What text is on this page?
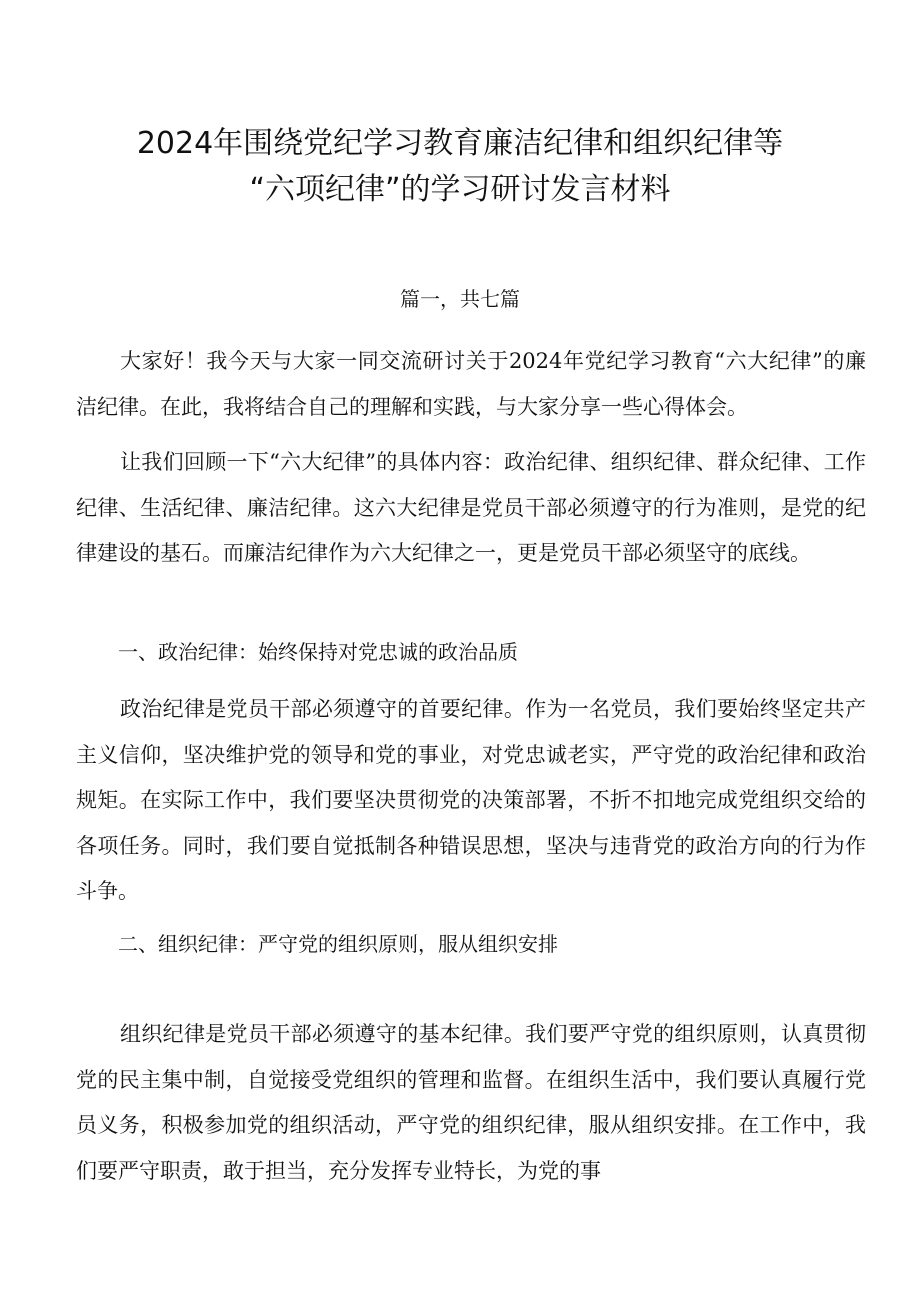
2024年围绕党纪学习教育廉洁纪律和组织纪律等
“六项纪律”的学习研讨发言材料
篇一，共七篇

大家好！我今天与大家一同交流研讨关于2024年党纪学习教育“六大纪律”的廉洁纪律。在此，我将结合自己的理解和实践，与大家分享一些心得体会。

让我们回顾一下“六大纪律”的具体内容：政治纪律、组织纪律、群众纪律、工作纪律、生活纪律、廉洁纪律。这六大纪律是党员干部必须遵守的行为准则，是党的纪律建设的基石。而廉洁纪律作为六大纪律之一，更是党员干部必须坚守的底线。

一、政治纪律：始终保持对党忠诚的政治品质

政治纪律是党员干部必须遵守的首要纪律。作为一名党员，我们要始终坚定共产主义信仰，坚决维护党的领导和党的事业，对党忠诚老实，严守党的政治纪律和政治规矩。在实际工作中，我们要坚决贯彻党的决策部署，不折不扣地完成党组织交给的各项任务。同时，我们要自觉抵制各种错误思想，坚决与违背党的政治方向的行为作斗争。

二、组织纪律：严守党的组织原则，服从组织安排

组织纪律是党员干部必须遵守的基本纪律。我们要严守党的组织原则，认真贯彻党的民主集中制，自觉接受党组织的管理和监督。在组织生活中，我们要认真履行党员义务，积极参加党的组织活动，严守党的组织纪律，服从组织安排。在工作中，我们要严守职责，敢于担当，充分发挥专业特长，为党的事
